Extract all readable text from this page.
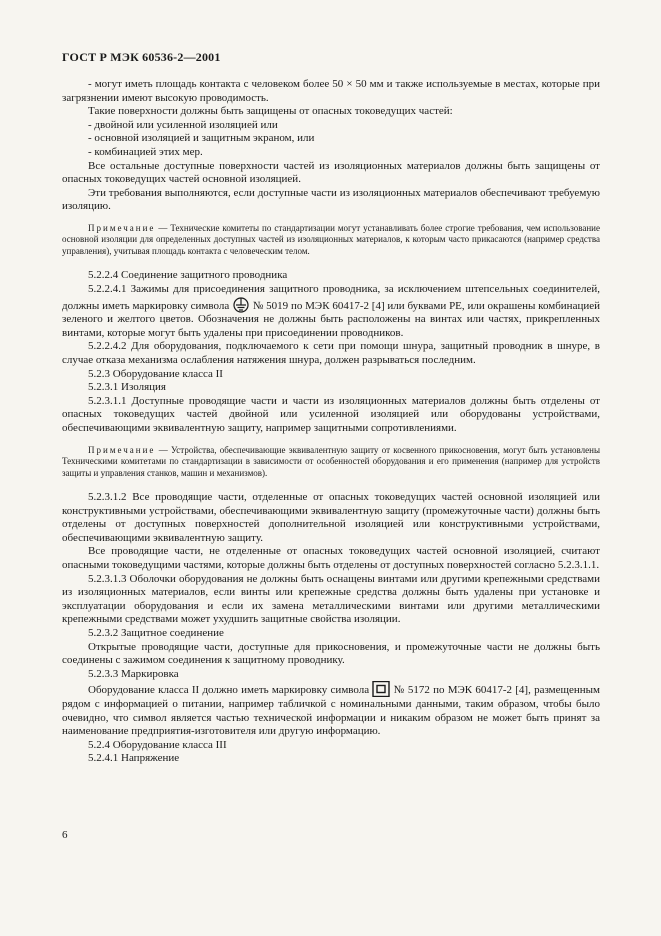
ГОСТ Р МЭК 60536-2—2001

- могут иметь площадь контакта с человеком более 50 × 50 мм и также используемые в местах, которые при загрязнении имеют высокую проводимость.

Такие поверхности должны быть защищены от опасных токоведущих частей:

- двойной или усиленной изоляцией или

- основной изоляцией и защитным экраном, или

- комбинацией этих мер.

Все остальные доступные поверхности частей из изоляционных материалов должны быть защищены от опасных токоведущих частей основной изоляцией.

Эти требования выполняются, если доступные части из изоляционных материалов обеспечивают требуемую изоляцию.

Примечание — Технические комитеты по стандартизации могут устанавливать более строгие требования, чем использование основной изоляции для определенных доступных частей из изоляционных материалов, к которым часто прикасаются (например средства управления), учитывая площадь контакта с человеческим телом.

5.2.2.4 Соединение защитного проводника

5.2.2.4.1 Зажимы для присоединения защитного проводника, за исключением штепсельных соединителей, должны иметь маркировку символа № 5019 по МЭК 60417-2 [4] или буквами PE, или окрашены комбинацией зеленого и желтого цветов. Обозначения не должны быть расположены на винтах или частях, прикрепленных винтами, которые могут быть удалены при присоединении проводников.

5.2.2.4.2 Для оборудования, подключаемого к сети при помощи шнура, защитный проводник в шнуре, в случае отказа механизма ослабления натяжения шнура, должен разрываться последним.

5.2.3 Оборудование класса II

5.2.3.1 Изоляция

5.2.3.1.1 Доступные проводящие части и части из изоляционных материалов должны быть отделены от опасных токоведущих частей двойной или усиленной изоляцией или оборудованы устройствами, обеспечивающими эквивалентную защиту, например защитными сопротивлениями.

Примечание — Устройства, обеспечивающие эквивалентную защиту от косвенного прикосновения, могут быть установлены Техническими комитетами по стандартизации в зависимости от особенностей оборудования и его применения (например для устройств защиты и управления станков, машин и механизмов).

5.2.3.1.2 Все проводящие части, отделенные от опасных токоведущих частей основной изоляцией или конструктивными устройствами, обеспечивающими эквивалентную защиту (промежуточные части) должны быть отделены от доступных поверхностей дополнительной изоляцией или конструктивными устройствами, обеспечивающими эквивалентную защиту.

Все проводящие части, не отделенные от опасных токоведущих частей основной изоляцией, считают опасными токоведущими частями, которые должны быть отделены от доступных поверхностей согласно 5.2.3.1.1.

5.2.3.1.3 Оболочки оборудования не должны быть оснащены винтами или другими крепежными средствами из изоляционных материалов, если винты или крепежные средства должны быть удалены при установке и эксплуатации оборудования и если их замена металлическими винтами или другими металлическими крепежными средствами может ухудшить защитные свойства изоляции.

5.2.3.2 Защитное соединение

Открытые проводящие части, доступные для прикосновения, и промежуточные части не должны быть соединены с зажимом соединения к защитному проводнику.

5.2.3.3 Маркировка

Оборудование класса II должно иметь маркировку символа № 5172 по МЭК 60417-2 [4], размещенным рядом с информацией о питании, например табличкой с номинальными данными, таким образом, чтобы было очевидно, что символ является частью технической информации и никаким образом не может быть принят за наименование предприятия-изготовителя или другую информацию.

5.2.4 Оборудование класса III

5.2.4.1 Напряжение

6
